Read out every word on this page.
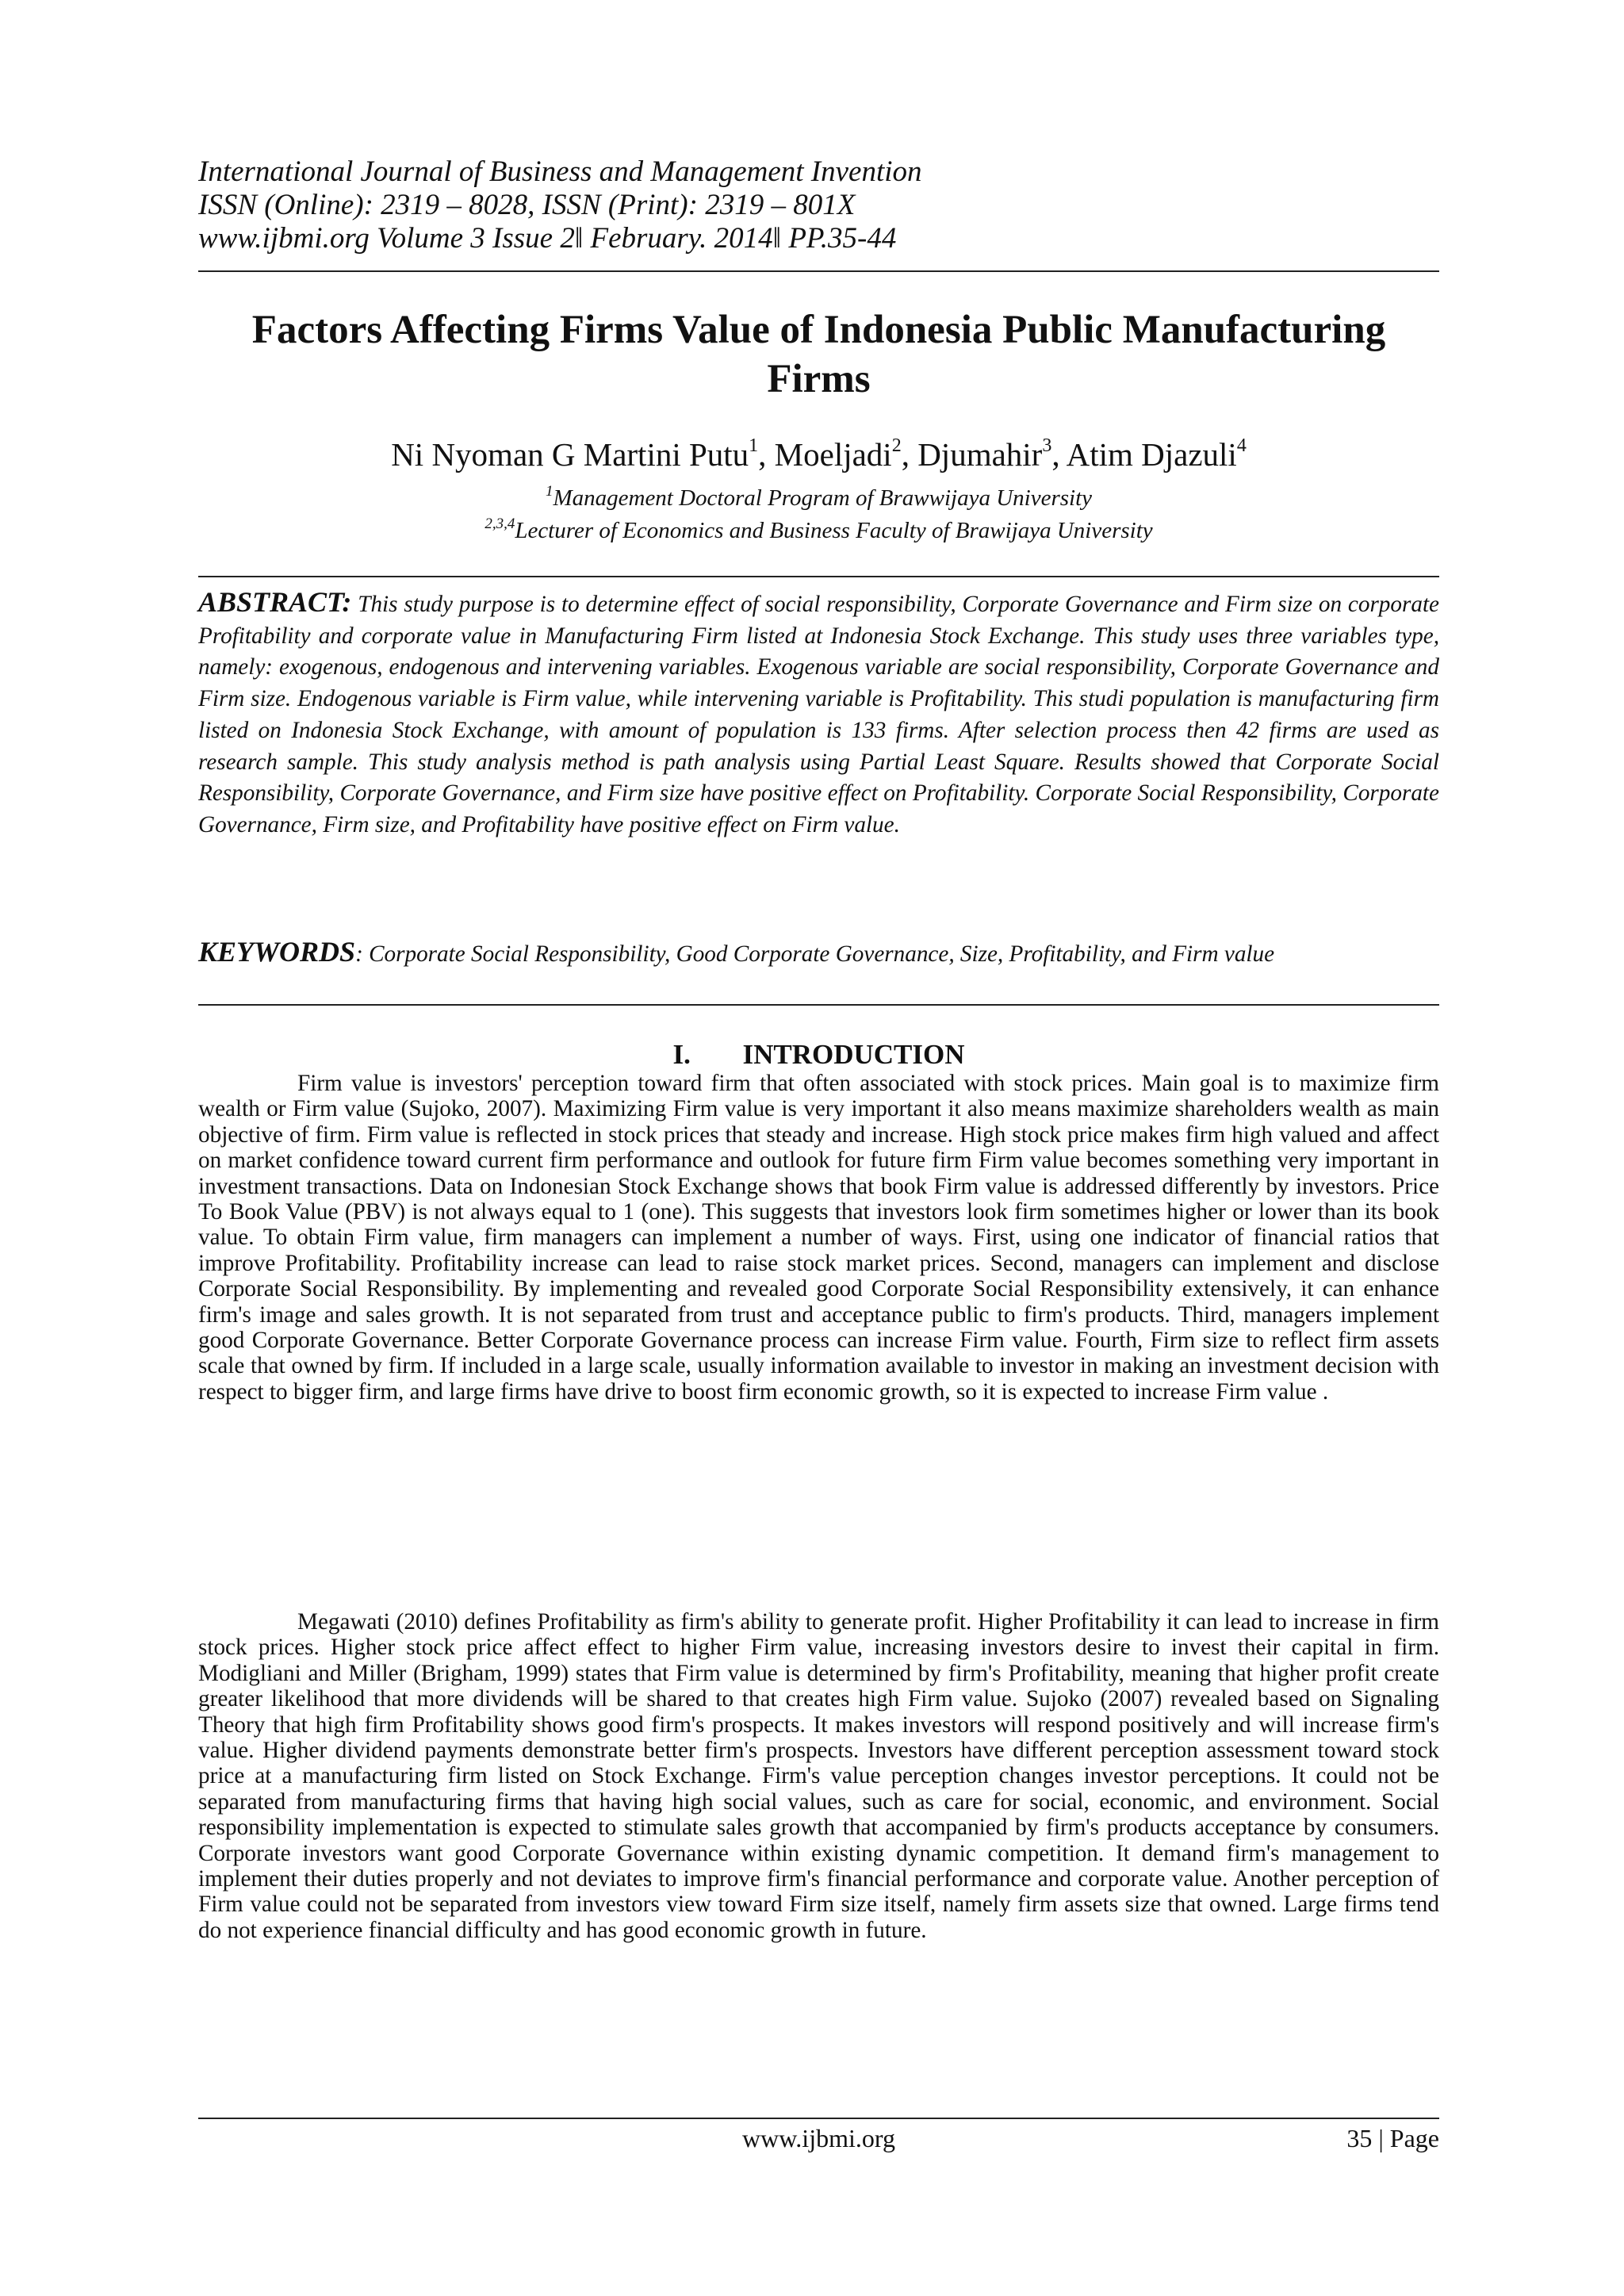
International Journal of Business and Management Invention
ISSN (Online): 2319 – 8028, ISSN (Print): 2319 – 801X
www.ijbmi.org Volume 3 Issue 2ǁ February. 2014ǁ PP.35-44
Factors Affecting Firms Value of Indonesia Public Manufacturing Firms
Ni Nyoman G Martini Putu$^1$, Moeljadi$^2$, Djumahir$^3$, Atim Djazuli$^4$
$^1$Management Doctoral Program of Brawwijaya University
$^{2,3,4}$Lecturer of Economics and Business Faculty of Brawijaya University

ABSTRACT: This study purpose is to determine effect of social responsibility, Corporate Governance and Firm size on corporate Profitability and corporate value in Manufacturing Firm listed at Indonesia Stock Exchange. This study uses three variables type, namely: exogenous, endogenous and intervening variables. Exogenous variable are social responsibility, Corporate Governance and Firm size. Endogenous variable is Firm value, while intervening variable is Profitability. This studi population is manufacturing firm listed on Indonesia Stock Exchange, with amount of population is 133 firms. After selection process then 42 firms are used as research sample. This study analysis method is path analysis using Partial Least Square. Results showed that Corporate Social Responsibility, Corporate Governance, and Firm size have positive effect on Profitability. Corporate Social Responsibility, Corporate Governance, Firm size, and Profitability have positive effect on Firm value.

KEYWORDS: Corporate Social Responsibility, Good Corporate Governance, Size, Profitability, and Firm value

I. INTRODUCTION

Firm value is investors' perception toward firm that often associated with stock prices. Main goal is to maximize firm wealth or Firm value (Sujoko, 2007). Maximizing Firm value is very important it also means maximize shareholders wealth as main objective of firm. Firm value is reflected in stock prices that steady and increase. High stock price makes firm high valued and affect on market confidence toward current firm performance and outlook for future firm Firm value becomes something very important in investment transactions. Data on Indonesian Stock Exchange shows that book Firm value is addressed differently by investors. Price To Book Value (PBV) is not always equal to 1 (one). This suggests that investors look firm sometimes higher or lower than its book value. To obtain Firm value, firm managers can implement a number of ways. First, using one indicator of financial ratios that improve Profitability. Profitability increase can lead to raise stock market prices. Second, managers can implement and disclose Corporate Social Responsibility. By implementing and revealed good Corporate Social Responsibility extensively, it can enhance firm's image and sales growth. It is not separated from trust and acceptance public to firm's products. Third, managers implement good Corporate Governance. Better Corporate Governance process can increase Firm value. Fourth, Firm size to reflect firm assets scale that owned by firm. If included in a large scale, usually information available to investor in making an investment decision with respect to bigger firm, and large firms have drive to boost firm economic growth, so it is expected to increase Firm value .

Megawati (2010) defines Profitability as firm's ability to generate profit. Higher Profitability it can lead to increase in firm stock prices. Higher stock price affect effect to higher Firm value, increasing investors desire to invest their capital in firm. Modigliani and Miller (Brigham, 1999) states that Firm value is determined by firm's Profitability, meaning that higher profit create greater likelihood that more dividends will be shared to that creates high Firm value. Sujoko (2007) revealed based on Signaling Theory that high firm Profitability shows good firm's prospects. It makes investors will respond positively and will increase firm's value. Higher dividend payments demonstrate better firm's prospects. Investors have different perception assessment toward stock price at a manufacturing firm listed on Stock Exchange. Firm's value perception changes investor perceptions. It could not be separated from manufacturing firms that having high social values, such as care for social, economic, and environment. Social responsibility implementation is expected to stimulate sales growth that accompanied by firm's products acceptance by consumers. Corporate investors want good Corporate Governance within existing dynamic competition. It demand firm's management to implement their duties properly and not deviates to improve firm's financial performance and corporate value. Another perception of Firm value could not be separated from investors view toward Firm size itself, namely firm assets size that owned. Large firms tend do not experience financial difficulty and has good economic growth in future.

www.ijbmi.org	35 | Page
